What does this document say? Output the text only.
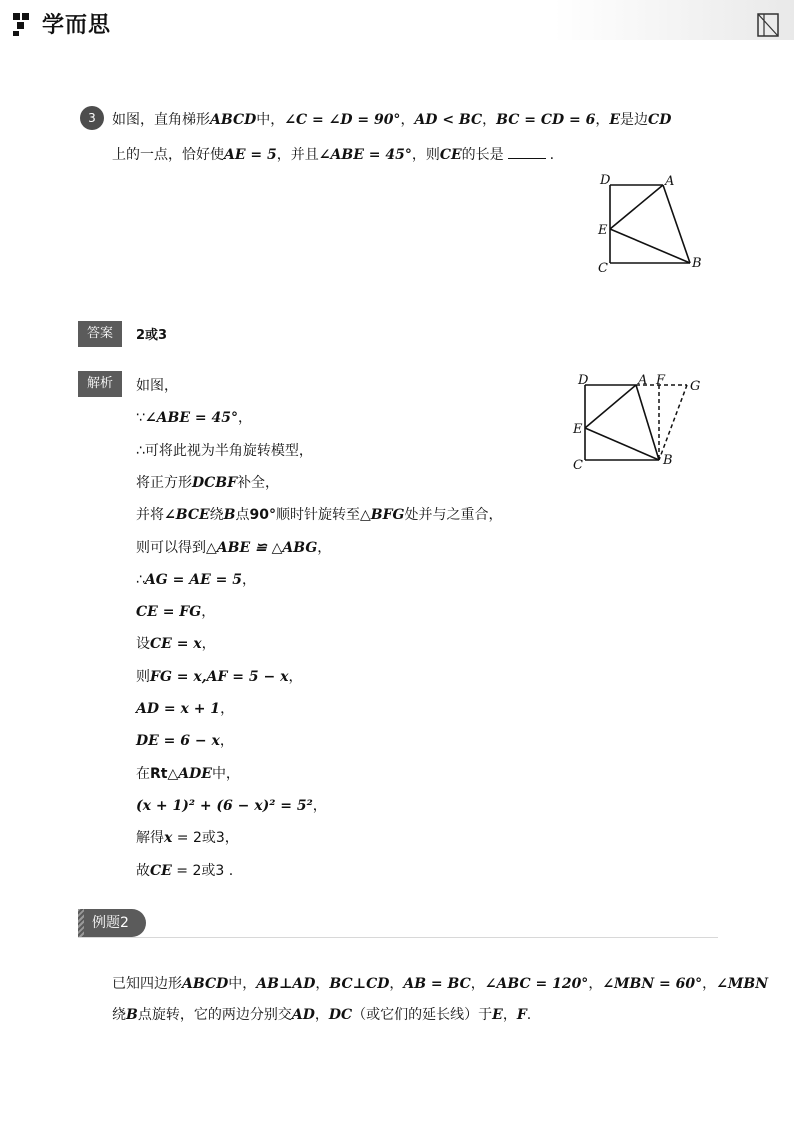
学而思
3	如图，直角梯形ABCD中，∠C = ∠D = 90°，AD < BC，BC = CD = 6，E是边CD
上的一点，恰好使AE = 5，并且∠ABE = 45°，则CE的长是	.
D	A
E
C	B
答案	2或3
解析	如图，
∵∠ABE = 45°，
∴可将此视为半角旋转模型，
将正方形DCBF补全，
并将∠BCE绕B点90°顺时针旋转至△BFG处并与之重合，
则可以得到△ABE ≌ △ABG，
∴AG = AE = 5，
CE = FG，
设CE = x，
则FG = x,AF = 5 − x，
AD = x + 1，
DE = 6 − x，
在Rt△ADE中，
(x + 1)² + (6 − x)² = 5²，
解得x = 2或3，
故CE = 2或3 .
D	A F G
E
C	B
例题2
已知四边形ABCD中，AB⊥AD，BC⊥CD，AB = BC，∠ABC = 120°，∠MBN = 60°，∠MBN
绕B点旋转，它的两边分别交AD，DC（或它们的延长线）于E，F.
